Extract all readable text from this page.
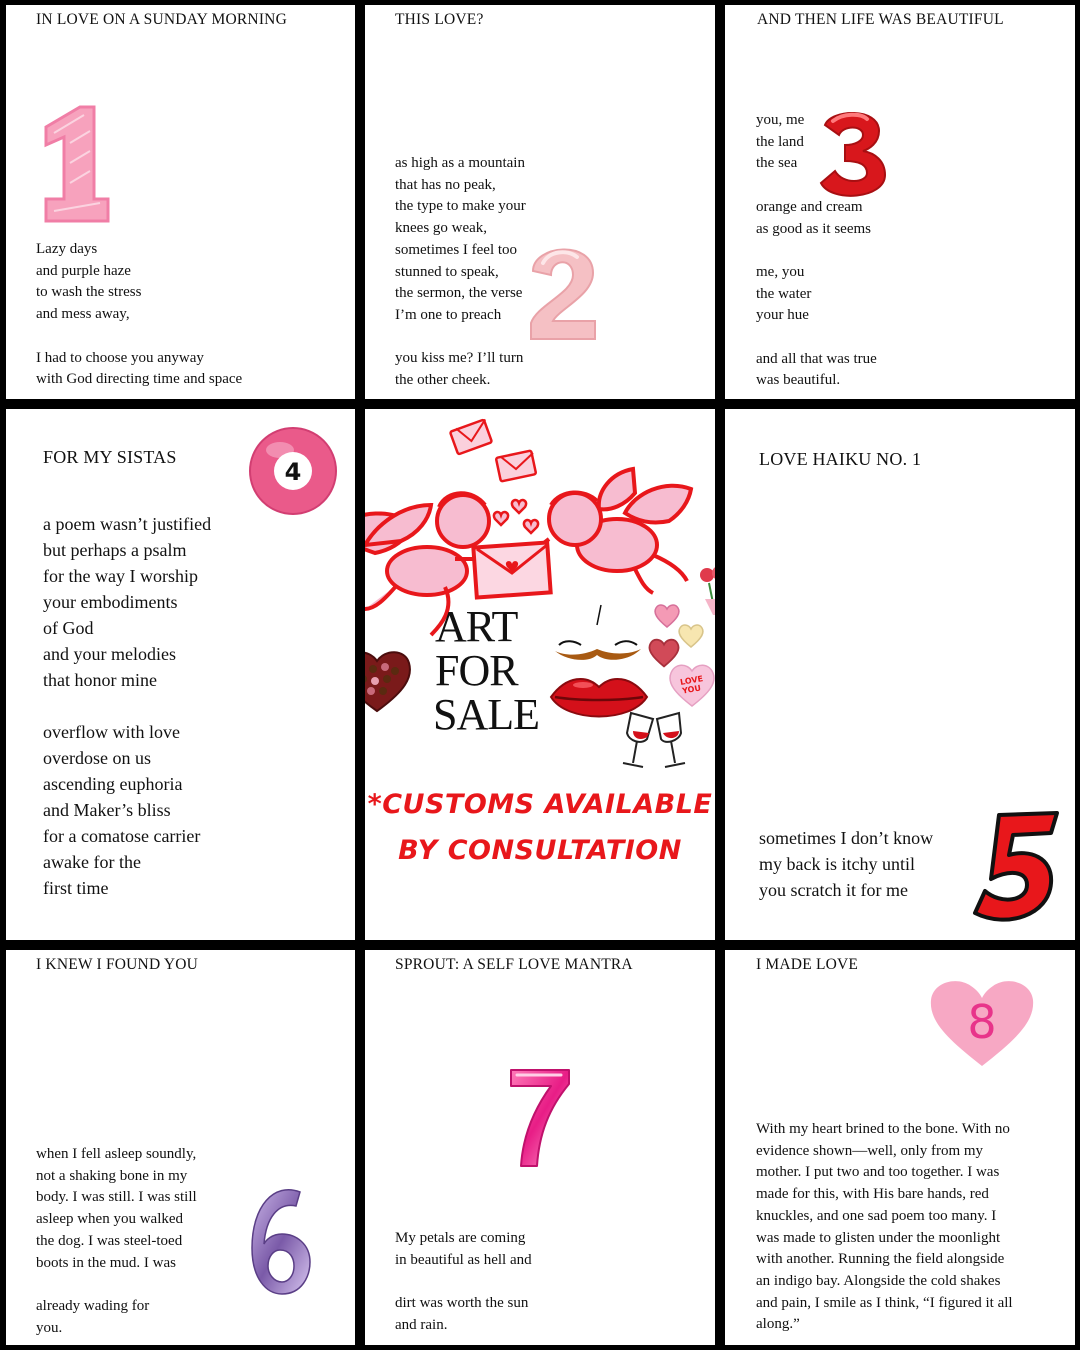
IN LOVE ON A SUNDAY MORNING
Lazy days
and purple haze
to wash the stress
and mess away,

I had to choose you anyway
with God directing time and space
THIS LOVE?
as high as a mountain
that has no peak,
the type to make your
knees go weak,
sometimes I feel too
stunned to speak,
the sermon, the verse
I’m one to preach

you kiss me? I’ll turn
the other cheek.
AND THEN LIFE WAS BEAUTIFUL
you, me
the land
the sea

orange and cream
as good as it seems

me, you
the water
your hue

and all that was true
was beautiful.
FOR MY SISTAS
4
a poem wasn’t justified
but perhaps a psalm
for the way I worship
your embodiments
of God
and your melodies
that honor mine

overflow with love
overdose on us
ascending euphoria
and Maker’s bliss
for a comatose carrier
awake for the
first time
ART
FOR
SALE
LOVE
YOU
*CUSTOMS AVAILABLE
BY CONSULTATION
LOVE HAIKU NO. 1
sometimes I don’t know
my back is itchy until
you scratch it for me
I KNEW I FOUND YOU
when I fell asleep soundly,
not a shaking bone in my
body. I was still. I was still
asleep when you walked
the dog. I was steel-toed
boots in the mud. I was

already wading for
you.
SPROUT: A SELF LOVE MANTRA
My petals are coming
in beautiful as hell and

dirt was worth the sun
and rain.
I MADE LOVE
8
With my heart brined to the bone. With no
evidence shown—well, only from my
mother. I put two and too together. I was
made for this, with His bare hands, red
knuckles, and one sad poem too many. I
was made to glisten under the moonlight
with another. Running the field alongside
an indigo bay. Alongside the cold shakes
and pain, I smile as I think, “I figured it all
along.”
